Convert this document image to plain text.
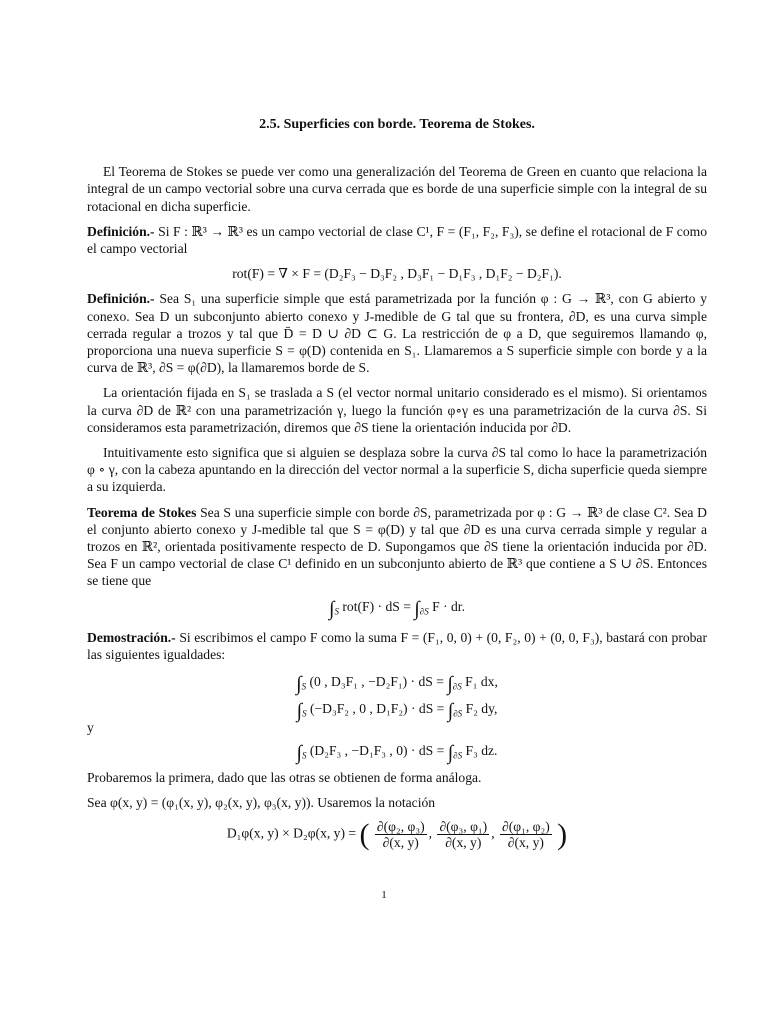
2.5. Superficies con borde. Teorema de Stokes.

El Teorema de Stokes se puede ver como una generalización del Teorema de Green en cuanto que relaciona la integral de un campo vectorial sobre una curva cerrada que es borde de una superficie simple con la integral de su rotacional en dicha superficie.

Definición.- Si F : ℝ³ → ℝ³ es un campo vectorial de clase C¹, F = (F₁, F₂, F₃), se define el rotacional de F como el campo vectorial

rot(F) = ∇ × F = (D₂F₃ − D₃F₂ , D₃F₁ − D₁F₃ , D₁F₂ − D₂F₁).

Definición.- Sea S₁ una superficie simple que está parametrizada por la función φ : G → ℝ³, con G abierto y conexo. Sea D un subconjunto abierto conexo y J-medible de G tal que su frontera, ∂D, es una curva simple cerrada regular a trozos y tal que D̄ = D ∪ ∂D ⊂ G. La restricción de φ a D, que seguiremos llamando φ, proporciona una nueva superficie S = φ(D) contenida en S₁. Llamaremos a S superficie simple con borde y a la curva de ℝ³, ∂S = φ(∂D), la llamaremos borde de S.

La orientación fijada en S₁ se traslada a S (el vector normal unitario considerado es el mismo). Si orientamos la curva ∂D de ℝ² con una parametrización γ, luego la función φ∘γ es una parametrización de la curva ∂S. Si consideramos esta parametrización, diremos que ∂S tiene la orientación inducida por ∂D.

Intuitivamente esto significa que si alguien se desplaza sobre la curva ∂S tal como lo hace la parametrización φ ∘ γ, con la cabeza apuntando en la dirección del vector normal a la superficie S, dicha superficie queda siempre a su izquierda.

Teorema de Stokes Sea S una superficie simple con borde ∂S, parametrizada por φ : G → ℝ³ de clase C². Sea D el conjunto abierto conexo y J-medible tal que S = φ(D) y tal que ∂D es una curva cerrada simple y regular a trozos en ℝ², orientada positivamente respecto de D. Supongamos que ∂S tiene la orientación inducida por ∂D. Sea F un campo vectorial de clase C¹ definido en un subconjunto abierto de ℝ³ que contiene a S ∪ ∂S. Entonces se tiene que

$\int_S$ rot(F) · dS = $\int_{\partial S}$ F · dr.

Demostración.- Si escribimos el campo F como la suma F = (F₁, 0, 0) + (0, F₂, 0) + (0, 0, F₃), bastará con probar las siguientes igualdades:

$\int_S$ (0 , D₃F₁ , −D₂F₁) · dS = $\int_{\partial S}$ F₁ dx,
$\int_S$ (−D₃F₂ , 0 , D₁F₂) · dS = $\int_{\partial S}$ F₂ dy,
y
$\int_S$ (D₂F₃ , −D₁F₃ , 0) · dS = $\int_{\partial S}$ F₃ dz.

Probaremos la primera, dado que las otras se obtienen de forma análoga.

Sea φ(x, y) = (φ₁(x, y), φ₂(x, y), φ₃(x, y)). Usaremos la notación

D₁φ(x, y) × D₂φ(x, y) = ( $\frac{\text{∂(φ₂, φ₃)}}{\partial(x, y)}$ , $\frac{\text{∂(φ₃, φ₁)}}{\partial(x, y)}$ , $\frac{\text{∂(φ₁, φ₂)}}{\partial(x, y)}$ )
1
